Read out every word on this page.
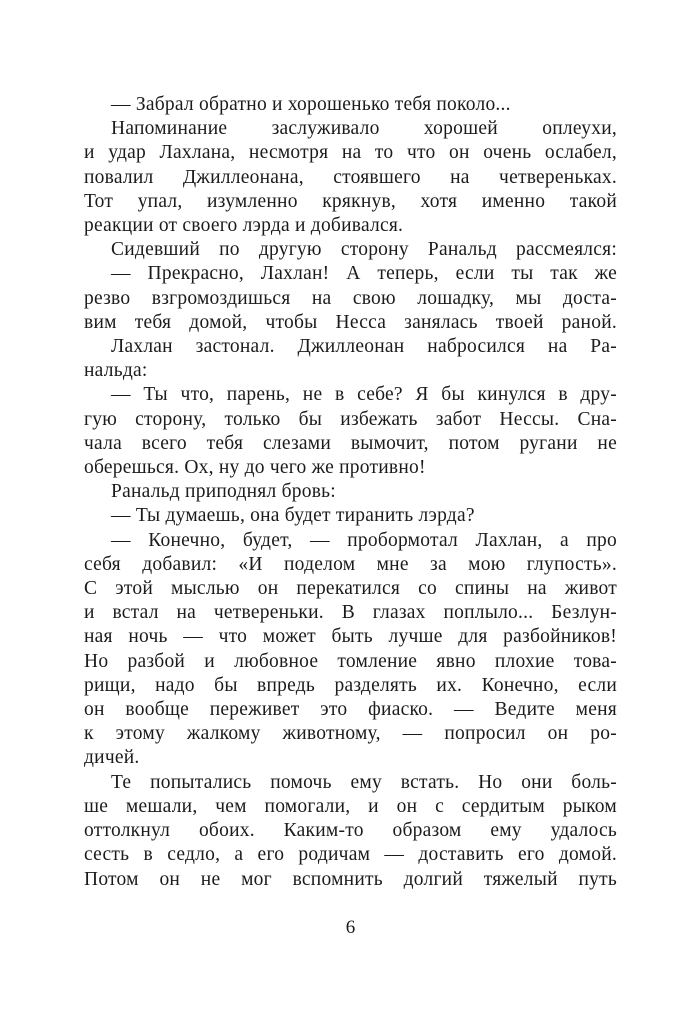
— Забрал обратно и хорошенько тебя поколо...
Напоминание заслуживало хорошей оплеухи,
и удар Лахлана, несмотря на то что он очень ослабел,
повалил Джиллеонана, стоявшего на четвереньках.
Тот упал, изумленно крякнув, хотя именно такой
реакции от своего лэрда и добивался.
Сидевший по другую сторону Ранальд рассмеялся:
— Прекрасно, Лахлан! А теперь, если ты так же
резво взгромоздишься на свою лошадку, мы доста-
вим тебя домой, чтобы Несса занялась твоей раной.
Лахлан застонал. Джиллеонан набросился на Ра-
нальда:
— Ты что, парень, не в себе? Я бы кинулся в дру-
гую сторону, только бы избежать забот Нессы. Сна-
чала всего тебя слезами вымочит, потом ругани не
оберешься. Ох, ну до чего же противно!
Ранальд приподнял бровь:
— Ты думаешь, она будет тиранить лэрда?
— Конечно, будет, — пробормотал Лахлан, а про
себя добавил: «И поделом мне за мою глупость».
С этой мыслью он перекатился со спины на живот
и встал на четвереньки. В глазах поплыло... Безлун-
ная ночь — что может быть лучше для разбойников!
Но разбой и любовное томление явно плохие това-
рищи, надо бы впредь разделять их. Конечно, если
он вообще переживет это фиаско. — Ведите меня
к этому жалкому животному, — попросил он ро-
дичей.
Те попытались помочь ему встать. Но они боль-
ше мешали, чем помогали, и он с сердитым рыком
оттолкнул обоих. Каким-то образом ему удалось
сесть в седло, а его родичам — доставить его домой.
Потом он не мог вспомнить долгий тяжелый путь
6
